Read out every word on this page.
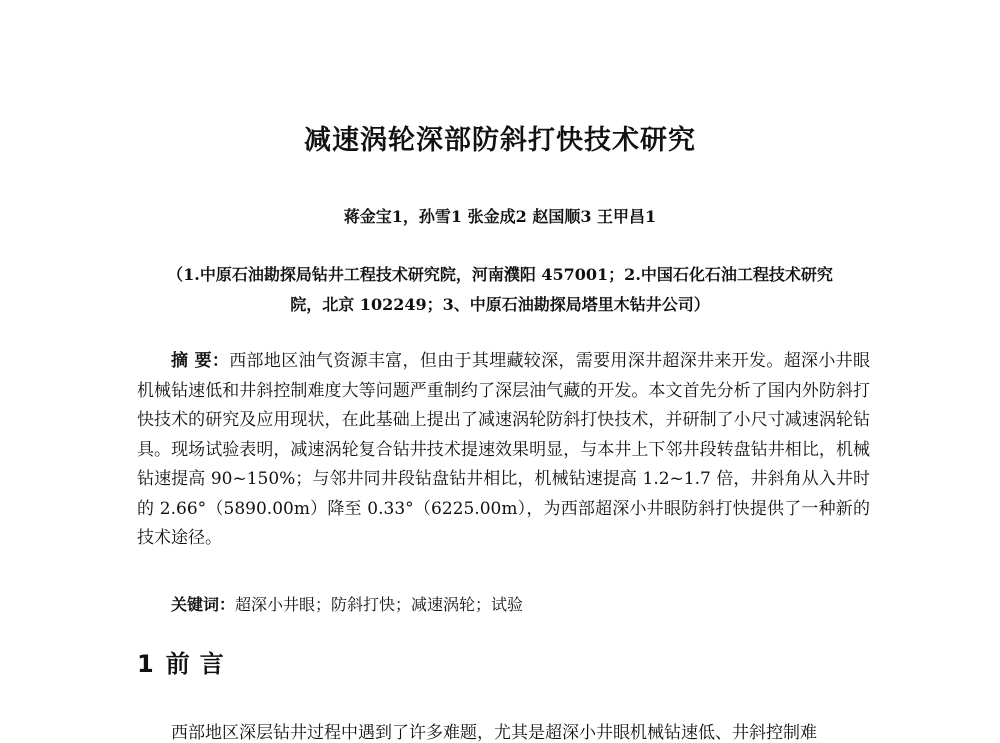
减速涡轮深部防斜打快技术研究
蒋金宝1，孙雪1 张金成2 赵国顺3 王甲昌1
（1.中原石油勘探局钻井工程技术研究院，河南濮阳 457001；2.中国石化石油工程技术研究
院，北京 102249；3、中原石油勘探局塔里木钻井公司）
摘 要：西部地区油气资源丰富，但由于其埋藏较深，需要用深井超深井来开发。超深小井眼机械钻速低和井斜控制难度大等问题严重制约了深层油气藏的开发。本文首先分析了国内外防斜打快技术的研究及应用现状，在此基础上提出了减速涡轮防斜打快技术，并研制了小尺寸减速涡轮钻具。现场试验表明，减速涡轮复合钻井技术提速效果明显，与本井上下邻井段转盘钻井相比，机械钻速提高 90~150%；与邻井同井段钻盘钻井相比，机械钻速提高 1.2~1.7 倍，井斜角从入井时的 2.66°（5890.00m）降至 0.33°（6225.00m），为西部超深小井眼防斜打快提供了一种新的技术途径。
关键词：超深小井眼；防斜打快；减速涡轮；试验
1 前言
西部地区深层钻井过程中遇到了许多难题，尤其是超深小井眼机械钻速低、井斜控制难
